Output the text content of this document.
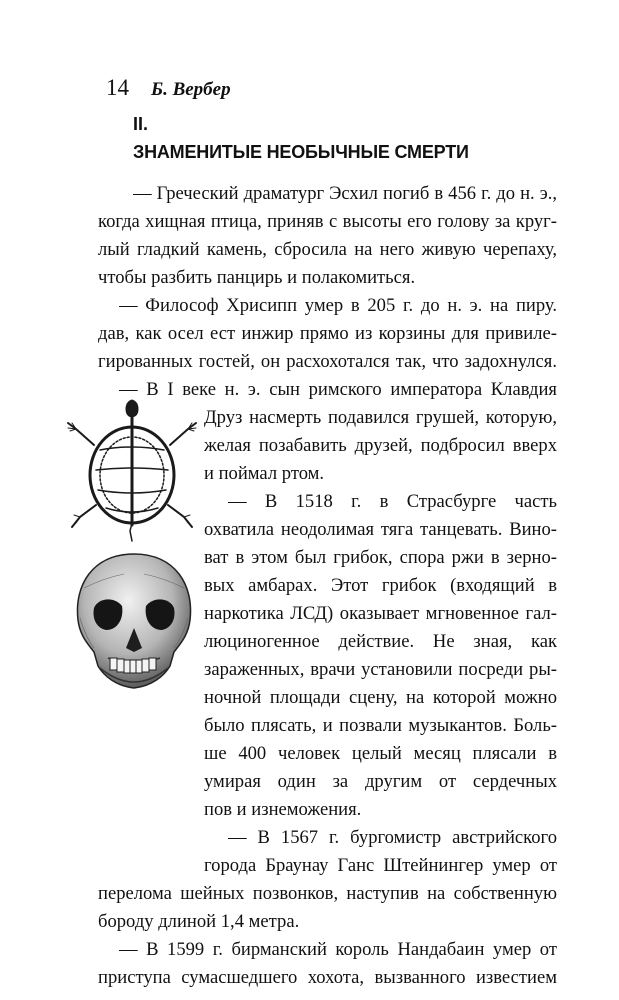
14 Б. Вербер
II.
ЗНАМЕНИТЫЕ НЕОБЫЧНЫЕ СМЕРТИ
— Греческий драматург Эсхил погиб в 456 г. до н. э.,
когда хищная птица, приняв с высоты его голову за круг-
лый гладкий камень, сбросила на него живую черепаху,
чтобы разбить панцирь и полакомиться.
— Философ Хрисипп умер в 205 г. до н. э. на пиру.
дав, как осел ест инжир прямо из корзины для привиле-
гированных гостей, он расхохотался так, что задохнулся.
— В I веке н. э. сын римского императора Клавдия
Друз насмерть подавился грушей, которую,
желая позабавить друзей, подбросил вверх
и поймал ртом.
— В 1518 г. в Страсбурге часть
охватила неодолимая тяга танцевать. Вино-
ват в этом был грибок, спора ржи в зерно-
вых амбарах. Этот грибок (входящий в
наркотика ЛСД) оказывает мгновенное гал-
люциногенное действие. Не зная, как
зараженных, врачи установили посреди ры-
ночной площади сцену, на которой можно
было плясать, и позвали музыкантов. Боль-
ше 400 человек целый месяц плясали в
умирая один за другим от сердечных
пов и изнеможения.
— В 1567 г. бургомистр австрийского
города Браунау Ганс Штейнингер умер от
перелома шейных позвонков, наступив на собственную
бороду длиной 1,4 метра.
— В 1599 г. бирманский король Нандабаин умер от
приступа сумасшедшего хохота, вызванного известием
